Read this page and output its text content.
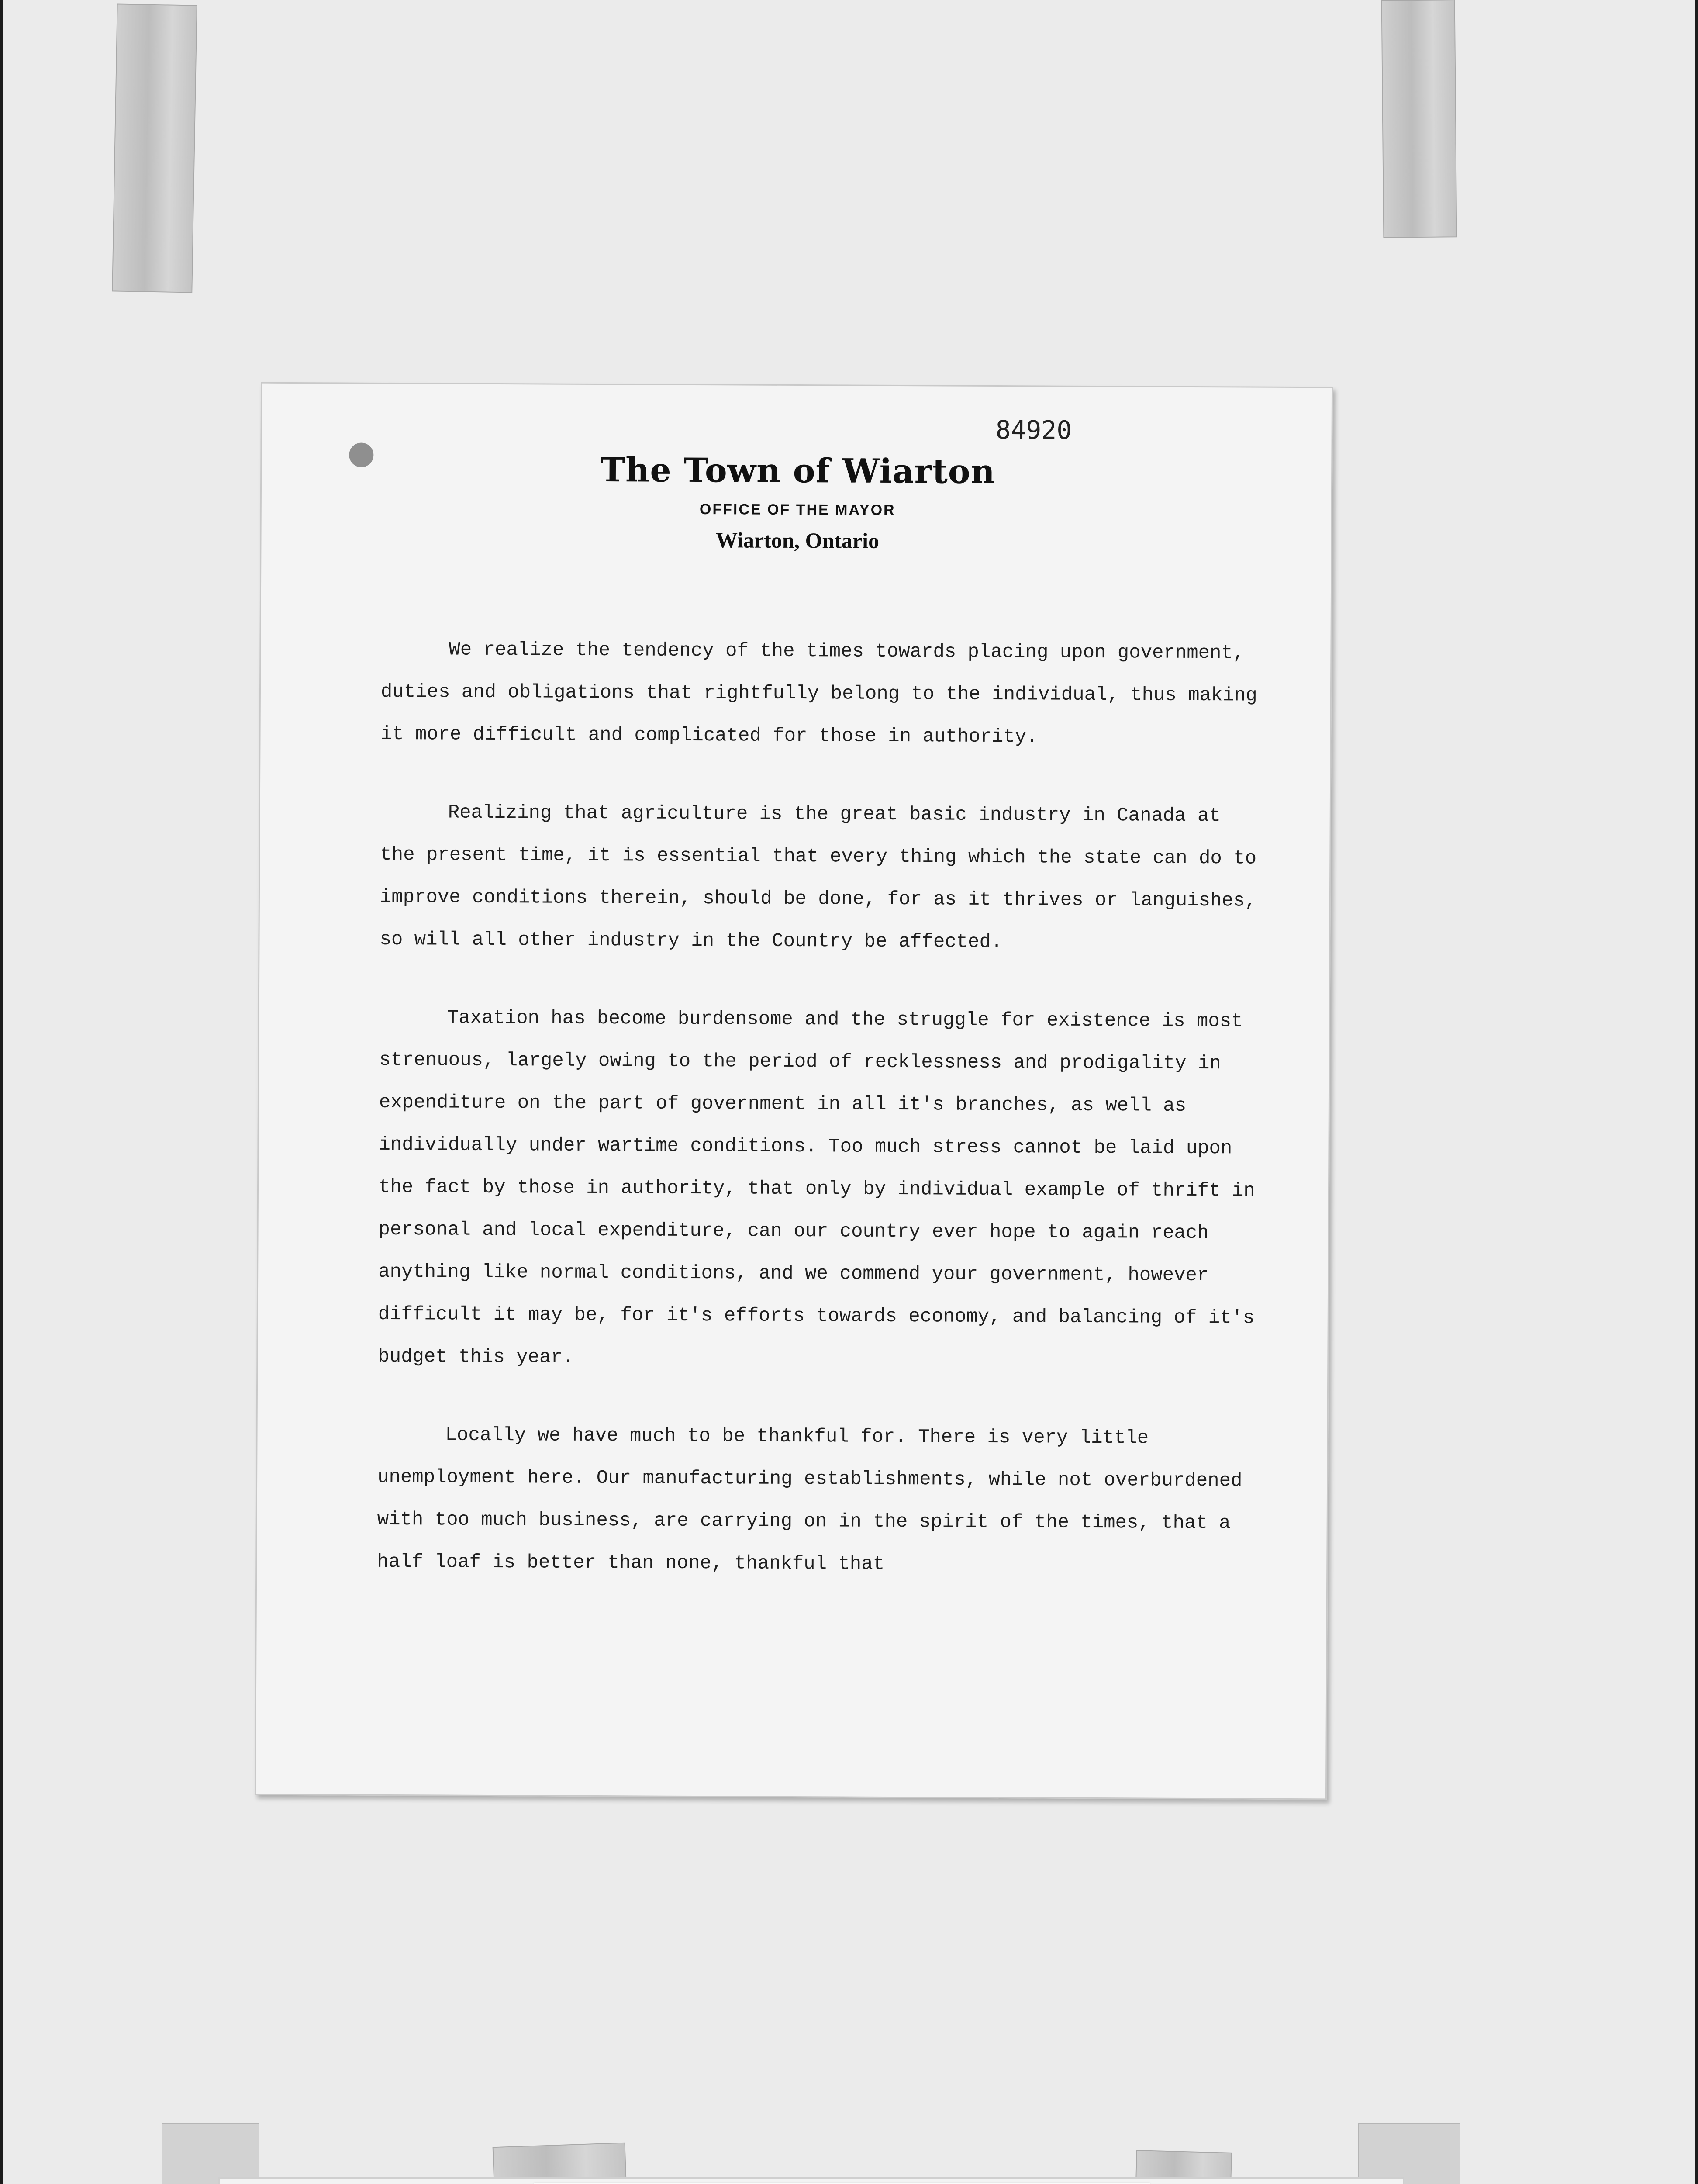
84920
The Town of Wiarton
OFFICE OF THE MAYOR
Wiarton, Ontario

We realize the tendency of the times towards placing upon government, duties and obligations that rightfully belong to the individual, thus making it more difficult and complicated for those in authority.

Realizing that agriculture is the great basic industry in Canada at the present time, it is essential that every thing which the state can do to improve conditions therein, should be done, for as it thrives or languishes, so will all other industry in the Country be affected.

Taxation has become burdensome and the struggle for existence is most strenuous, largely owing to the period of recklessness and prodigality in expenditure on the part of government in all it's branches, as well as individually under wartime conditions. Too much stress cannot be laid upon the fact by those in authority, that only by individual example of thrift in personal and local expenditure, can our country ever hope to again reach anything like normal conditions, and we commend your government, however difficult it may be, for it's efforts towards economy, and balancing of it's budget this year.

Locally we have much to be thankful for. There is very little unemployment here. Our manufacturing establishments, while not overburdened with too much business, are carrying on in the spirit of the times, that a half loaf is better than none, thankful that
